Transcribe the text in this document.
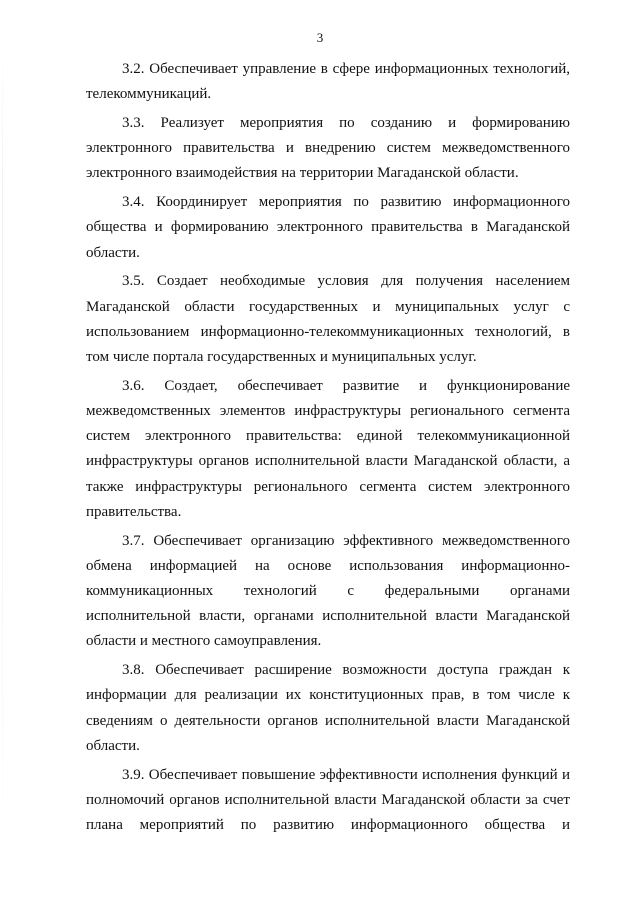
3

3.2. Обеспечивает управление в сфере информационных технологий, телекоммуникаций.

3.3. Реализует мероприятия по созданию и формированию электронного правительства и внедрению систем межведомственного электронного взаимодействия на территории Магаданской области.

3.4. Координирует мероприятия по развитию информационного общества и формированию электронного правительства в Магаданской области.

3.5. Создает необходимые условия для получения населением Магаданской области государственных и муниципальных услуг с использованием информационно-телекоммуникационных технологий, в том числе портала государственных и муниципальных услуг.

3.6. Создает, обеспечивает развитие и функционирование межведомственных элементов инфраструктуры регионального сегмента систем электронного правительства: единой телекоммуникационной инфраструктуры органов исполнительной власти Магаданской области, а также инфраструктуры регионального сегмента систем электронного правительства.

3.7. Обеспечивает организацию эффективного межведомственного обмена информацией на основе использования информационно-коммуникационных технологий с федеральными органами исполнительной власти, органами исполнительной власти Магаданской области и местного самоуправления.

3.8. Обеспечивает расширение возможности доступа граждан к информации для реализации их конституционных прав, в том числе к сведениям о деятельности органов исполнительной власти Магаданской области.

3.9. Обеспечивает повышение эффективности исполнения функций и полномочий органов исполнительной власти Магаданской области за счет плана мероприятий по развитию информационного общества и
